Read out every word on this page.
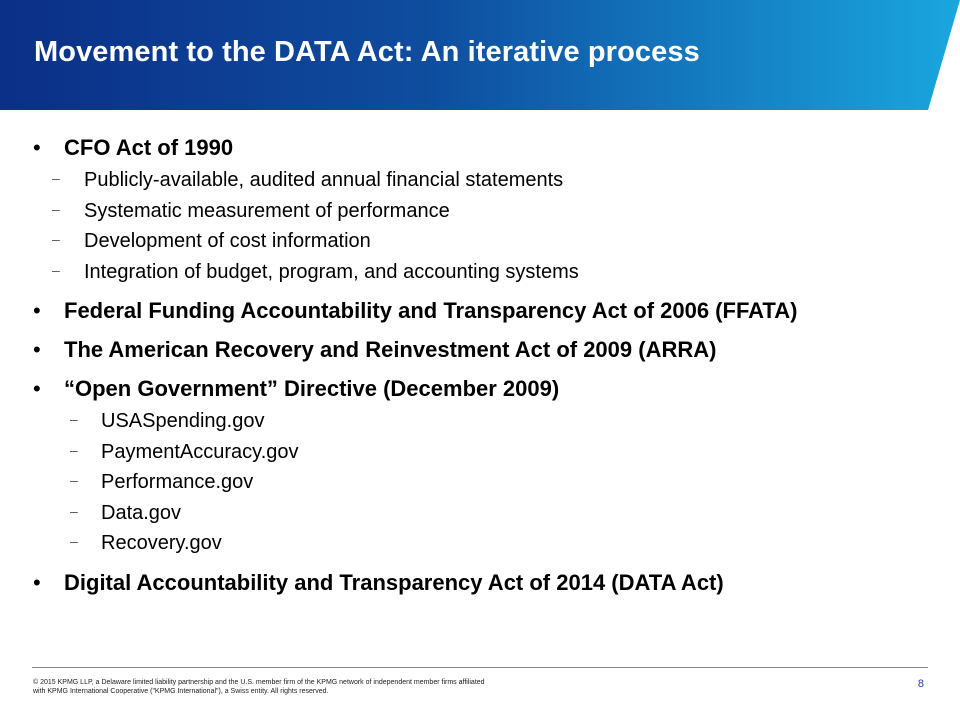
Movement to the DATA Act: An iterative process
• CFO Act of 1990
– Publicly-available, audited annual financial statements
– Systematic measurement of performance
– Development of cost information
– Integration of budget, program, and accounting systems
• Federal Funding Accountability and Transparency Act of 2006 (FFATA)
• The American Recovery and Reinvestment Act of 2009 (ARRA)
• “Open Government” Directive (December 2009)
– USASpending.gov
– PaymentAccuracy.gov
– Performance.gov
– Data.gov
– Recovery.gov
• Digital Accountability and Transparency Act of 2014 (DATA Act)
© 2015 KPMG LLP, a Delaware limited liability partnership and the U.S. member firm of the KPMG network of independent member firms affiliated with KPMG International Cooperative ("KPMG International"), a Swiss entity. All rights reserved.
8
